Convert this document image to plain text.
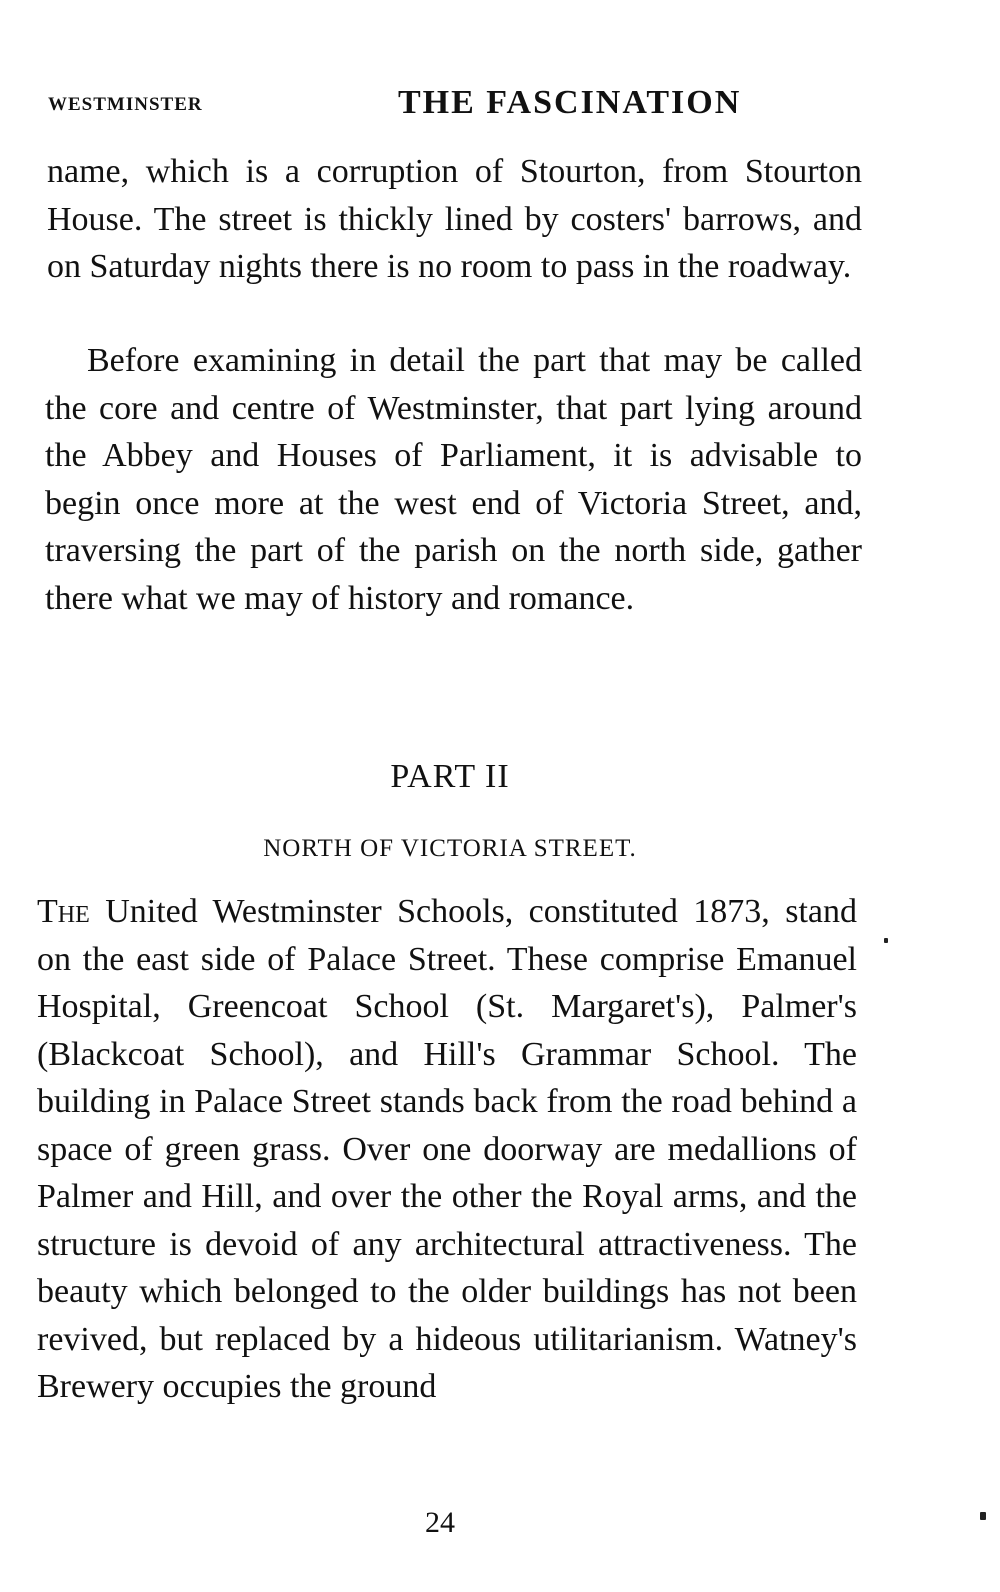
WESTMINSTER	THE FASCINATION

name, which is a corruption of Stourton, from Stourton House. The street is thickly lined by costers' barrows, and on Saturday nights there is no room to pass in the roadway.

Before examining in detail the part that may be called the core and centre of Westminster, that part lying around the Abbey and Houses of Parliament, it is advisable to begin once more at the west end of Victoria Street, and, traversing the part of the parish on the north side, gather there what we may of history and romance.

PART II
NORTH OF VICTORIA STREET.

The United Westminster Schools, constituted 1873, stand on the east side of Palace Street. These comprise Emanuel Hospital, Greencoat School (St. Margaret's), Palmer's (Blackcoat School), and Hill's Grammar School. The building in Palace Street stands back from the road behind a space of green grass. Over one doorway are medallions of Palmer and Hill, and over the other the Royal arms, and the structure is devoid of any architectural attractiveness. The beauty which belonged to the older buildings has not been revived, but replaced by a hideous utilitarianism. Watney's Brewery occupies the ground

24
